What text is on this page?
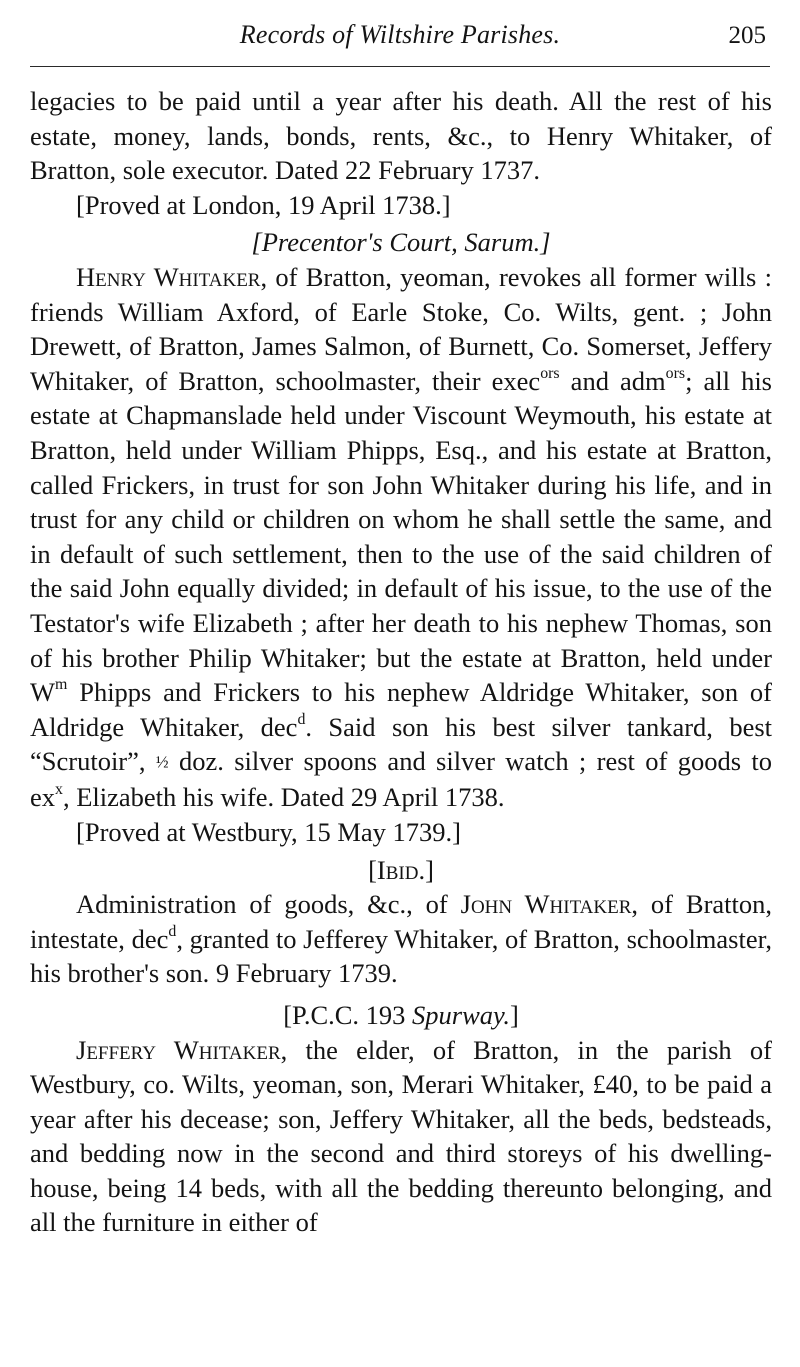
Records of Wiltshire Parishes.	205

legacies to be paid until a year after his death. All the rest of his estate, money, lands, bonds, rents, &c., to Henry Whitaker, of Bratton, sole executor. Dated 22 February 1737.

[Proved at London, 19 April 1738.]

[Precentor's Court, Sarum.]

Henry Whitaker, of Bratton, yeoman, revokes all former wills : friends William Axford, of Earle Stoke, Co. Wilts, gent. ; John Drewett, of Bratton, James Salmon, of Burnett, Co. Somerset, Jeffery Whitaker, of Bratton, schoolmaster, their exec$^{ors}$ and adm$^{ors}$; all his estate at Chapmanslade held under Viscount Weymouth, his estate at Bratton, held under William Phipps, Esq., and his estate at Bratton, called Frickers, in trust for son John Whitaker during his life, and in trust for any child or children on whom he shall settle the same, and in default of such settlement, then to the use of the said children of the said John equally divided; in default of his issue, to the use of the Testator's wife Elizabeth ; after her death to his nephew Thomas, son of his brother Philip Whitaker; but the estate at Bratton, held under $W^m$ Phipps and Frickers to his nephew Aldridge Whitaker, son of Aldridge Whitaker, dec$^d$. Said son his best silver tankard, best “Scrutoir”, ½ doz. silver spoons and silver watch ; rest of goods to $ex^x$, Elizabeth his wife. Dated 29 April 1738.

[Proved at Westbury, 15 May 1739.]

[Ibid.]

Administration of goods, &c., of John Whitaker, of Bratton, intestate, dec$^d$, granted to Jefferey Whitaker, of Bratton, schoolmaster, his brother's son. 9 February 1739.

[P.C.C. 193 Spurway.]

Jeffery Whitaker, the elder, of Bratton, in the parish of Westbury, co. Wilts, yeoman, son, Merari Whitaker, £40, to be paid a year after his decease; son, Jeffery Whitaker, all the beds, bedsteads, and bedding now in the second and third storeys of his dwelling-house, being 14 beds, with all the bedding thereunto belonging, and all the furniture in either of
